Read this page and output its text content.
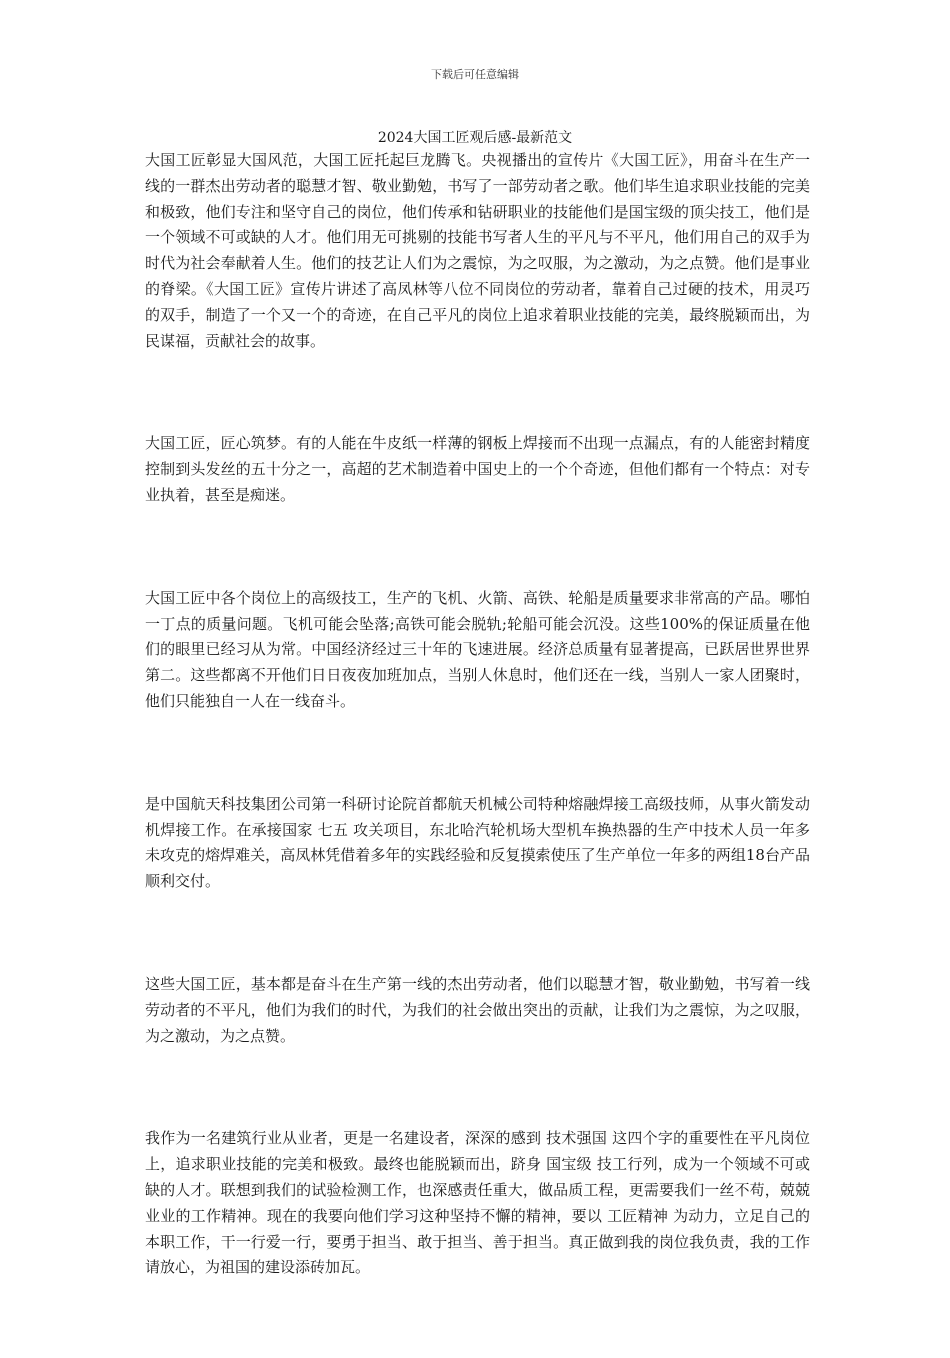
下载后可任意编辑
2024大国工匠观后感-最新范文

大国工匠彰显大国风范，大国工匠托起巨龙腾飞。央视播出的宣传片《大国工匠》，用奋斗在生产一线的一群杰出劳动者的聪慧才智、敬业勤勉，书写了一部劳动者之歌。他们毕生追求职业技能的完美和极致，他们专注和坚守自己的岗位，他们传承和钻研职业的技能他们是国宝级的顶尖技工，他们是一个领域不可或缺的人才。他们用无可挑剔的技能书写者人生的平凡与不平凡，他们用自己的双手为时代为社会奉献着人生。他们的技艺让人们为之震惊，为之叹服，为之激动，为之点赞。他们是事业的脊梁。《大国工匠》宣传片讲述了高凤林等八位不同岗位的劳动者，靠着自己过硬的技术，用灵巧的双手，制造了一个又一个的奇迹，在自己平凡的岗位上追求着职业技能的完美，最终脱颖而出，为民谋福，贡献社会的故事。

大国工匠，匠心筑梦。有的人能在牛皮纸一样薄的钢板上焊接而不出现一点漏点，有的人能密封精度控制到头发丝的五十分之一，高超的艺术制造着中国史上的一个个奇迹，但他们都有一个特点：对专业执着，甚至是痴迷。

大国工匠中各个岗位上的高级技工，生产的飞机、火箭、高铁、轮船是质量要求非常高的产品。哪怕一丁点的质量问题。飞机可能会坠落;高铁可能会脱轨;轮船可能会沉没。这些100%的保证质量在他们的眼里已经习从为常。中国经济经过三十年的飞速进展。经济总质量有显著提高，已跃居世界世界第二。这些都离不开他们日日夜夜加班加点，当别人休息时，他们还在一线，当别人一家人团聚时，他们只能独自一人在一线奋斗。

是中国航天科技集团公司第一科研讨论院首都航天机械公司特种熔融焊接工高级技师，从事火箭发动机焊接工作。在承接国家 七五 攻关项目，东北哈汽轮机场大型机车换热器的生产中技术人员一年多未攻克的熔焊难关，高凤林凭借着多年的实践经验和反复摸索使压了生产单位一年多的两组18台产品顺利交付。

这些大国工匠，基本都是奋斗在生产第一线的杰出劳动者，他们以聪慧才智，敬业勤勉，书写着一线劳动者的不平凡，他们为我们的时代，为我们的社会做出突出的贡献，让我们为之震惊，为之叹服，为之激动，为之点赞。

我作为一名建筑行业从业者，更是一名建设者，深深的感到 技术强国 这四个字的重要性在平凡岗位上，追求职业技能的完美和极致。最终也能脱颖而出，跻身 国宝级 技工行列，成为一个领域不可或缺的人才。联想到我们的试验检测工作，也深感责任重大，做品质工程，更需要我们一丝不苟，兢兢业业的工作精神。现在的我要向他们学习这种坚持不懈的精神，要以 工匠精神 为动力，立足自己的本职工作，干一行爱一行，要勇于担当、敢于担当、善于担当。真正做到我的岗位我负责，我的工作请放心，为祖国的建设添砖加瓦。
